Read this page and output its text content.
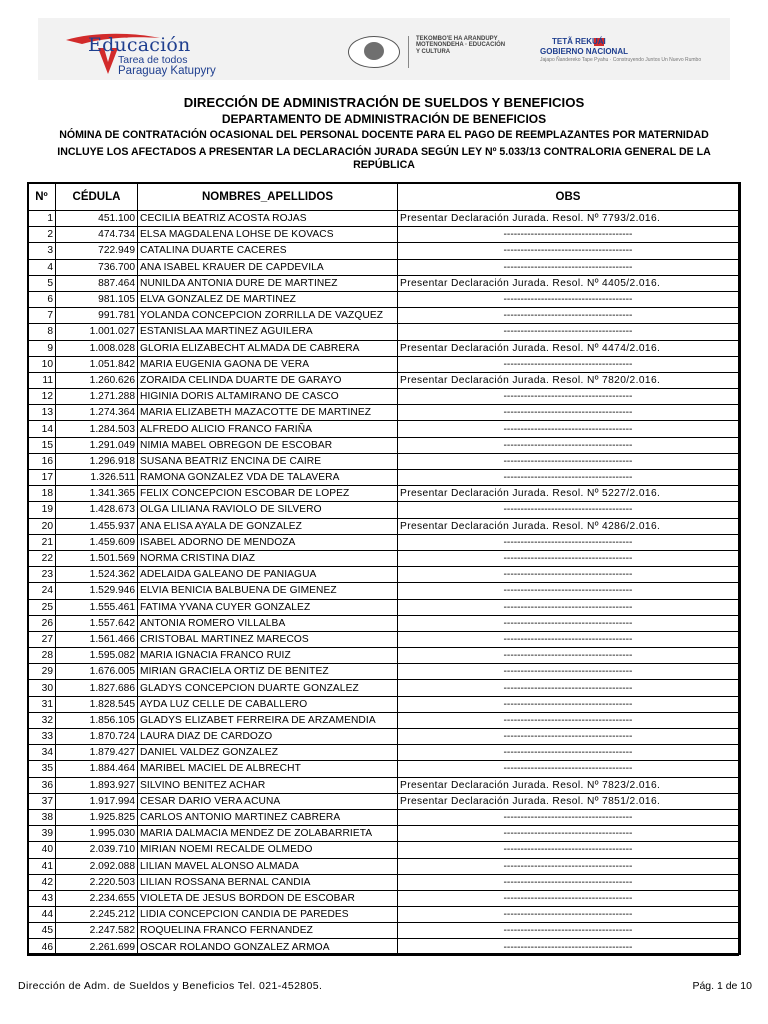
Educación
Tarea de todos
Paraguay Katupyry
TEKOMBO'E HA ARANDUPY MOTENONDEHA · EDUCACIÓN Y CULTURA
TETÃ REKUÁI
GOBIERNO NACIONAL
Jajapo Ñandereko Tape Pyahu · Construyendo Juntos Un Nuevo Rumbo
DIRECCIÓN DE ADMINISTRACIÓN DE SUELDOS Y BENEFICIOS
DEPARTAMENTO DE ADMINISTRACIÓN DE BENEFICIOS
NÓMINA DE CONTRATACIÓN OCASIONAL DEL PERSONAL DOCENTE PARA EL PAGO DE REEMPLAZANTES POR MATERNIDAD
INCLUYE LOS AFECTADOS A PRESENTAR LA DECLARACIÓN JURADA SEGÚN LEY Nº 5.033/13 CONTRALORIA GENERAL DE LA REPÚBLICA
Nº	CÉDULA	NOMBRES_APELLIDOS	OBS
1	451.100	CECILIA BEATRIZ ACOSTA ROJAS	Presentar Declaración Jurada. Resol. Nº 7793/2.016.
2	474.734	ELSA MAGDALENA LOHSE DE KOVACS	--------------------------------------
3	722.949	CATALINA DUARTE CACERES	--------------------------------------
4	736.700	ANA ISABEL KRAUER DE CAPDEVILA	--------------------------------------
5	887.464	NUNILDA ANTONIA DURE DE MARTINEZ	Presentar Declaración Jurada. Resol. Nº 4405/2.016.
6	981.105	ELVA GONZALEZ DE MARTINEZ	--------------------------------------
7	991.781	YOLANDA CONCEPCION ZORRILLA DE VAZQUEZ	--------------------------------------
8	1.001.027	ESTANISLAA MARTINEZ AGUILERA	--------------------------------------
9	1.008.028	GLORIA ELIZABECHT ALMADA DE CABRERA	Presentar Declaración Jurada. Resol. Nº 4474/2.016.
10	1.051.842	MARIA EUGENIA GAONA DE VERA	--------------------------------------
11	1.260.626	ZORAIDA CELINDA DUARTE DE GARAYO	Presentar Declaración Jurada. Resol. Nº 7820/2.016.
12	1.271.288	HIGINIA DORIS ALTAMIRANO DE CASCO	--------------------------------------
13	1.274.364	MARIA ELIZABETH MAZACOTTE DE MARTINEZ	--------------------------------------
14	1.284.503	ALFREDO ALICIO FRANCO FARIÑA	--------------------------------------
15	1.291.049	NIMIA MABEL OBREGON DE ESCOBAR	--------------------------------------
16	1.296.918	SUSANA BEATRIZ ENCINA DE CAIRE	--------------------------------------
17	1.326.511	RAMONA GONZALEZ VDA DE TALAVERA	--------------------------------------
18	1.341.365	FELIX CONCEPCION ESCOBAR DE LOPEZ	Presentar Declaración Jurada. Resol. Nº 5227/2.016.
19	1.428.673	OLGA LILIANA RAVIOLO DE SILVERO	--------------------------------------
20	1.455.937	ANA ELISA AYALA DE GONZALEZ	Presentar Declaración Jurada. Resol. Nº 4286/2.016.
21	1.459.609	ISABEL ADORNO DE MENDOZA	--------------------------------------
22	1.501.569	NORMA CRISTINA DIAZ	--------------------------------------
23	1.524.362	ADELAIDA GALEANO DE PANIAGUA	--------------------------------------
24	1.529.946	ELVIA BENICIA BALBUENA DE GIMENEZ	--------------------------------------
25	1.555.461	FATIMA YVANA CUYER GONZALEZ	--------------------------------------
26	1.557.642	ANTONIA ROMERO VILLALBA	--------------------------------------
27	1.561.466	CRISTOBAL MARTINEZ MARECOS	--------------------------------------
28	1.595.082	MARIA IGNACIA FRANCO RUIZ	--------------------------------------
29	1.676.005	MIRIAN GRACIELA ORTIZ DE BENITEZ	--------------------------------------
30	1.827.686	GLADYS CONCEPCION DUARTE GONZALEZ	--------------------------------------
31	1.828.545	AYDA LUZ CELLE DE CABALLERO	--------------------------------------
32	1.856.105	GLADYS ELIZABET FERREIRA DE ARZAMENDIA	--------------------------------------
33	1.870.724	LAURA DIAZ DE CARDOZO	--------------------------------------
34	1.879.427	DANIEL VALDEZ GONZALEZ	--------------------------------------
35	1.884.464	MARIBEL MACIEL DE ALBRECHT	--------------------------------------
36	1.893.927	SILVINO BENITEZ ACHAR	Presentar Declaración Jurada. Resol. Nº 7823/2.016.
37	1.917.994	CESAR DARIO VERA ACUNA	Presentar Declaración Jurada. Resol. Nº 7851/2.016.
38	1.925.825	CARLOS ANTONIO MARTINEZ CABRERA	--------------------------------------
39	1.995.030	MARIA DALMACIA MENDEZ DE ZOLABARRIETA	--------------------------------------
40	2.039.710	MIRIAN NOEMI RECALDE OLMEDO	--------------------------------------
41	2.092.088	LILIAN MAVEL ALONSO ALMADA	--------------------------------------
42	2.220.503	LILIAN ROSSANA BERNAL CANDIA	--------------------------------------
43	2.234.655	VIOLETA DE JESUS BORDON DE ESCOBAR	--------------------------------------
44	2.245.212	LIDIA CONCEPCION CANDIA DE PAREDES	--------------------------------------
45	2.247.582	ROQUELINA FRANCO FERNANDEZ	--------------------------------------
46	2.261.699	OSCAR ROLANDO GONZALEZ ARMOA	--------------------------------------
Dirección de Adm. de Sueldos y Beneficios Tel. 021-452805.	Pág. 1 de 10
